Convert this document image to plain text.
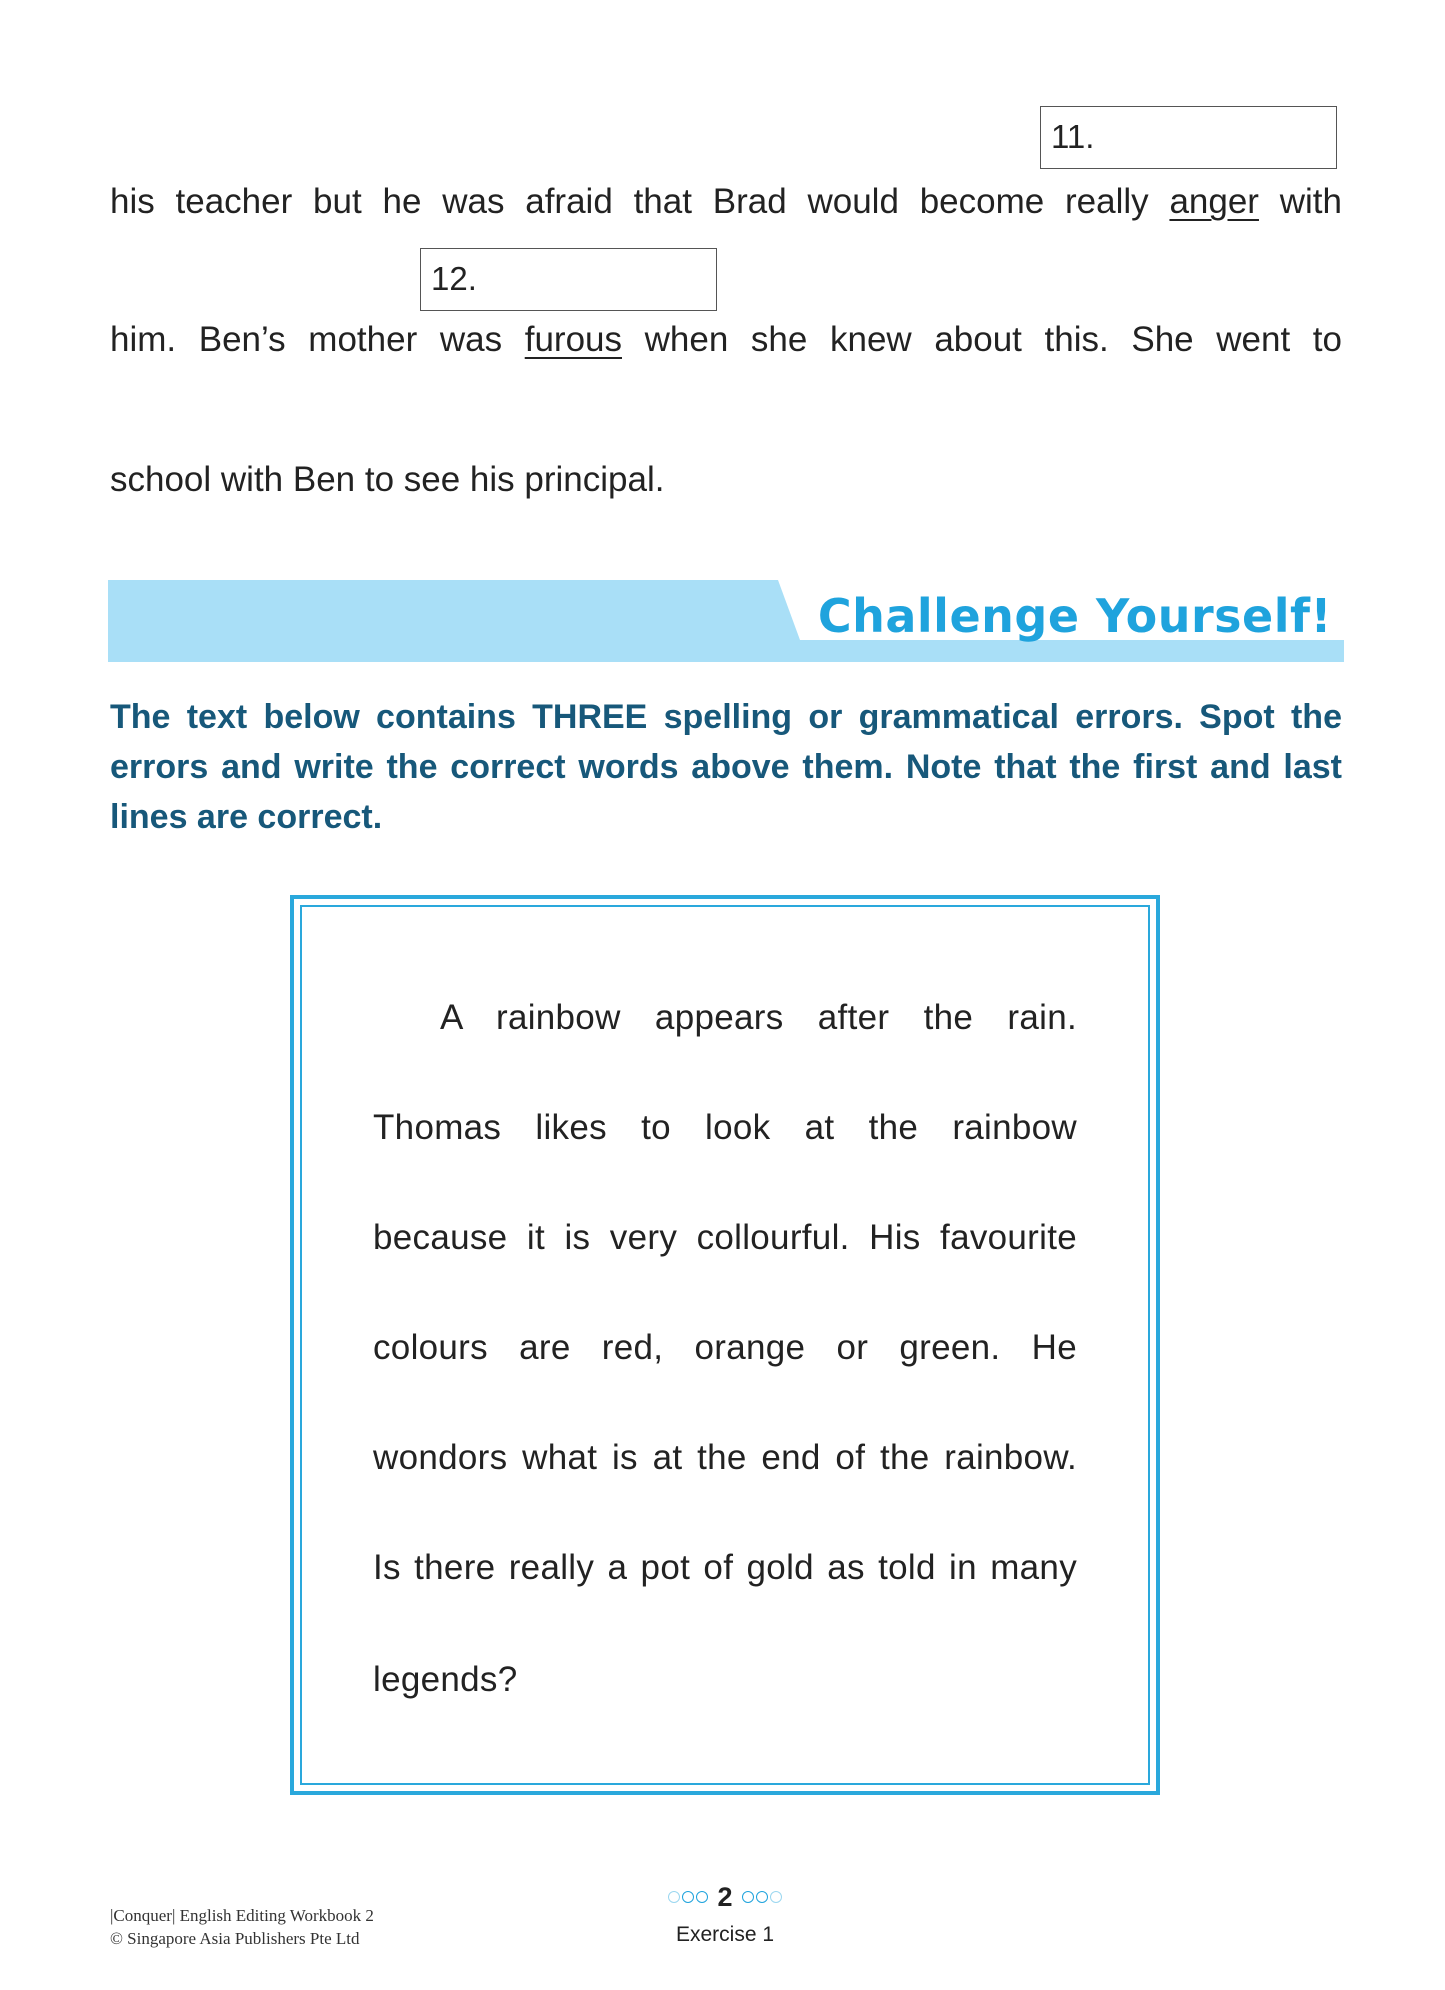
11.
his teacher but he was afraid that Brad would become really anger with
12.
him. Ben’s mother was furous when she knew about this. She went to
school with Ben to see his principal.
Challenge Yourself!
The text below contains THREE spelling or grammatical errors. Spot the errors and write the correct words above them. Note that the first and last lines are correct.
A rainbow appears after the rain.
Thomas likes to look at the rainbow
because it is very collourful. His favourite
colours are red, orange or green. He
wondors what is at the end of the rainbow.
Is there really a pot of gold as told in many
legends?
|Conquer| English Editing Workbook 2
© Singapore Asia Publishers Pte Ltd
2
Exercise 1
